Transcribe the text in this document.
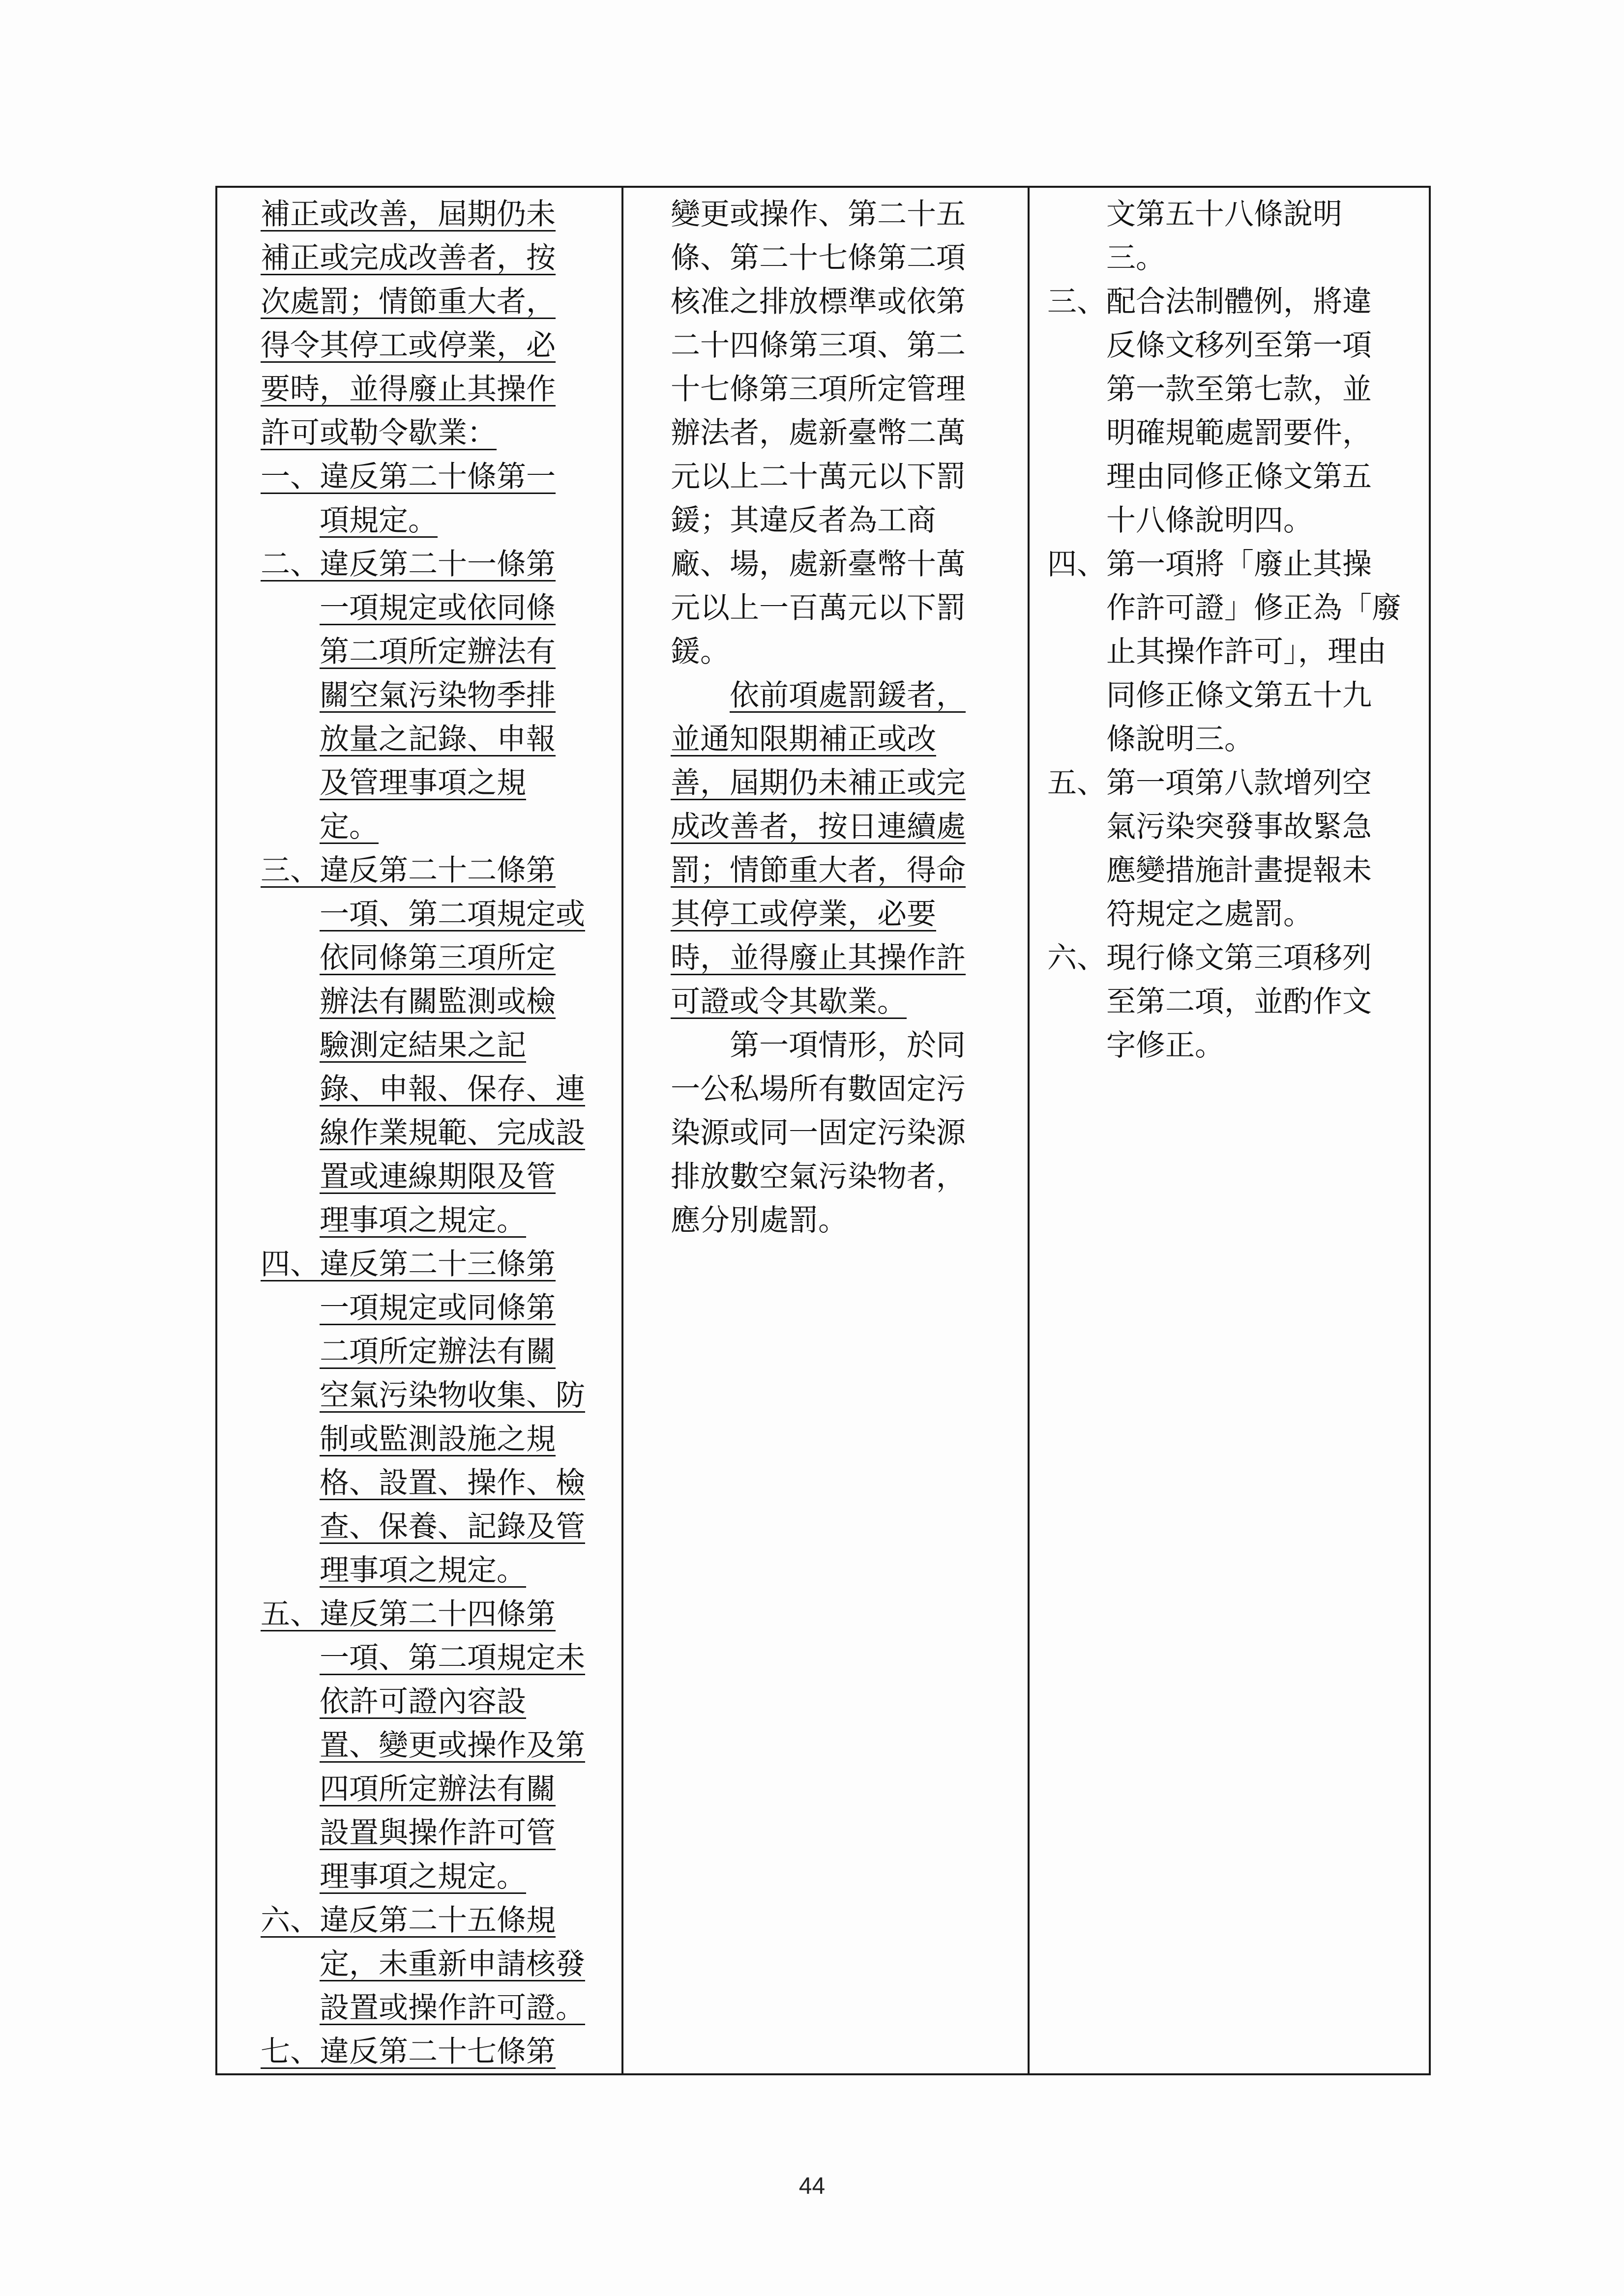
補正或改善，屆期仍未
補正或完成改善者，按
次處罰；情節重大者，
得令其停工或停業，必
要時，並得廢止其操作
許可或勒令歇業：
一、違反第二十條第一
項規定。
二、違反第二十一條第
一項規定或依同條
第二項所定辦法有
關空氣污染物季排
放量之記錄、申報
及管理事項之規
定。
三、違反第二十二條第
一項、第二項規定或
依同條第三項所定
辦法有關監測或檢
驗測定結果之記
錄、申報、保存、連
線作業規範、完成設
置或連線期限及管
理事項之規定。
四、違反第二十三條第
一項規定或同條第
二項所定辦法有關
空氣污染物收集、防
制或監測設施之規
格、設置、操作、檢
查、保養、記錄及管
理事項之規定。
五、違反第二十四條第
一項、第二項規定未
依許可證內容設
置、變更或操作及第
四項所定辦法有關
設置與操作許可管
理事項之規定。
六、違反第二十五條規
定，未重新申請核發
設置或操作許可證。
七、違反第二十七條第
變更或操作、第二十五
條、第二十七條第二項
核准之排放標準或依第
二十四條第三項、第二
十七條第三項所定管理
辦法者，處新臺幣二萬
元以上二十萬元以下罰
鍰；其違反者為工商
廠、場，處新臺幣十萬
元以上一百萬元以下罰
鍰。
依前項處罰鍰者，
並通知限期補正或改
善，屆期仍未補正或完
成改善者，按日連續處
罰；情節重大者，得命
其停工或停業，必要
時，並得廢止其操作許
可證或令其歇業。
第一項情形，於同
一公私場所有數固定污
染源或同一固定污染源
排放數空氣污染物者，
應分別處罰。
文第五十八條說明
三。
三、配合法制體例，將違
反條文移列至第一項
第一款至第七款，並
明確規範處罰要件，
理由同修正條文第五
十八條說明四。
四、第一項將「廢止其操
作許可證」修正為「廢
止其操作許可」，理由
同修正條文第五十九
條說明三。
五、第一項第八款增列空
氣污染突發事故緊急
應變措施計畫提報未
符規定之處罰。
六、現行條文第三項移列
至第二項，並酌作文
字修正。
44
